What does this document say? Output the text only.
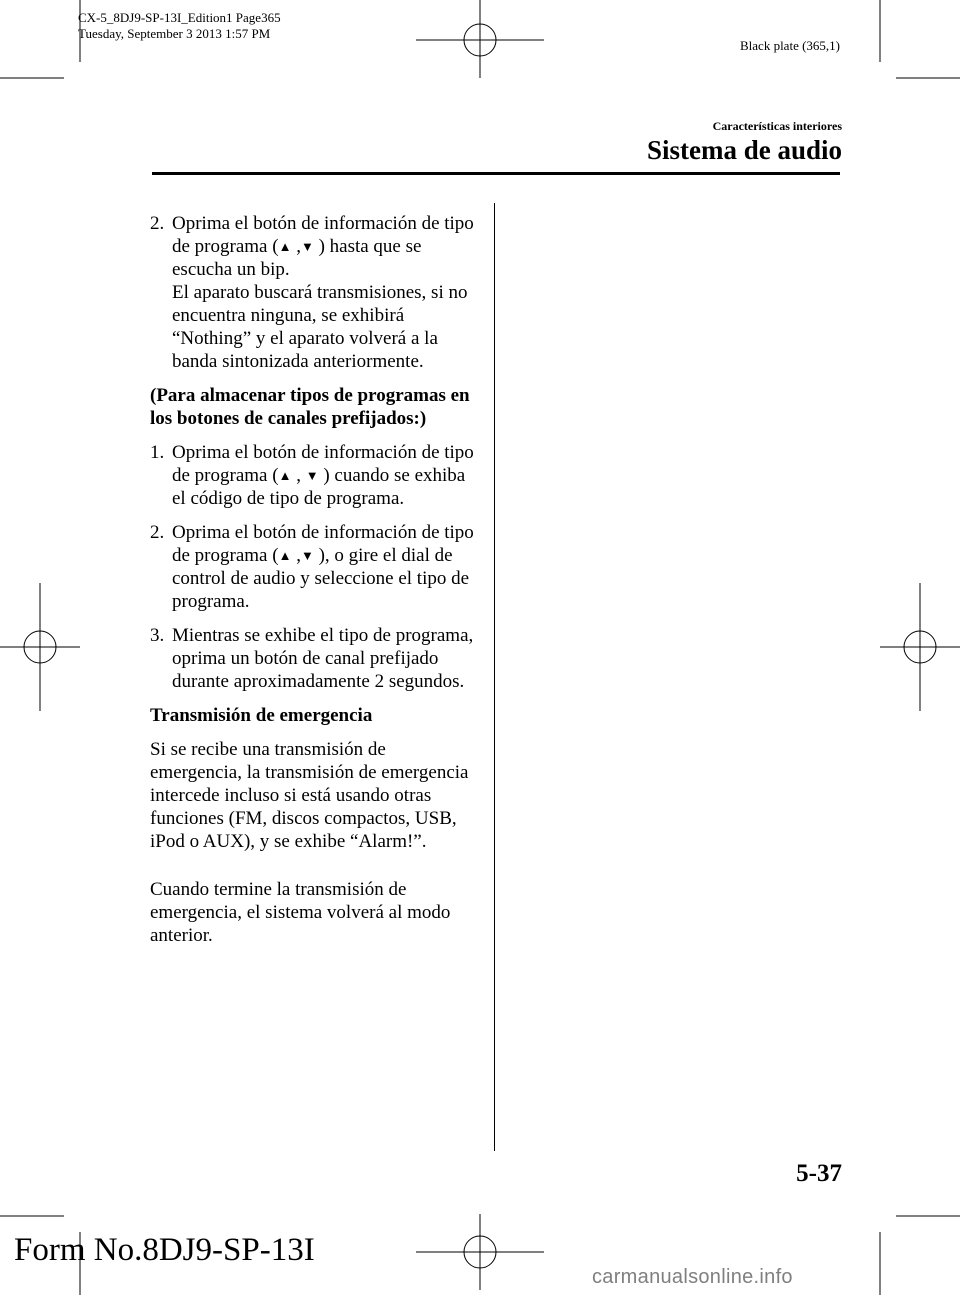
CX-5_8DJ9-SP-13I_Edition1 Page365
Tuesday, September 3 2013 1:57 PM
Black plate (365,1)
Características interiores
Sistema de audio
2. Oprima el botón de información de tipo de programa (▲ ,▼ ) hasta que se escucha un bip.
El aparato buscará transmisiones, si no encuentra ninguna, se exhibirá “Nothing” y el aparato volverá a la banda sintonizada anteriormente.

(Para almacenar tipos de programas en los botones de canales prefijados:)

1. Oprima el botón de información de tipo de programa (▲ , ▼ ) cuando se exhiba el código de tipo de programa.
2. Oprima el botón de información de tipo de programa (▲ ,▼ ), o gire el dial de control de audio y seleccione el tipo de programa.
3. Mientras se exhibe el tipo de programa, oprima un botón de canal prefijado durante aproximadamente 2 segundos.

Transmisión de emergencia

Si se recibe una transmisión de emergencia, la transmisión de emergencia intercede incluso si está usando otras funciones (FM, discos compactos, USB, iPod o AUX), y se exhibe “Alarm!”.

Cuando termine la transmisión de emergencia, el sistema volverá al modo anterior.

5-37
Form No.8DJ9-SP-13I
carmanualsonline.info
